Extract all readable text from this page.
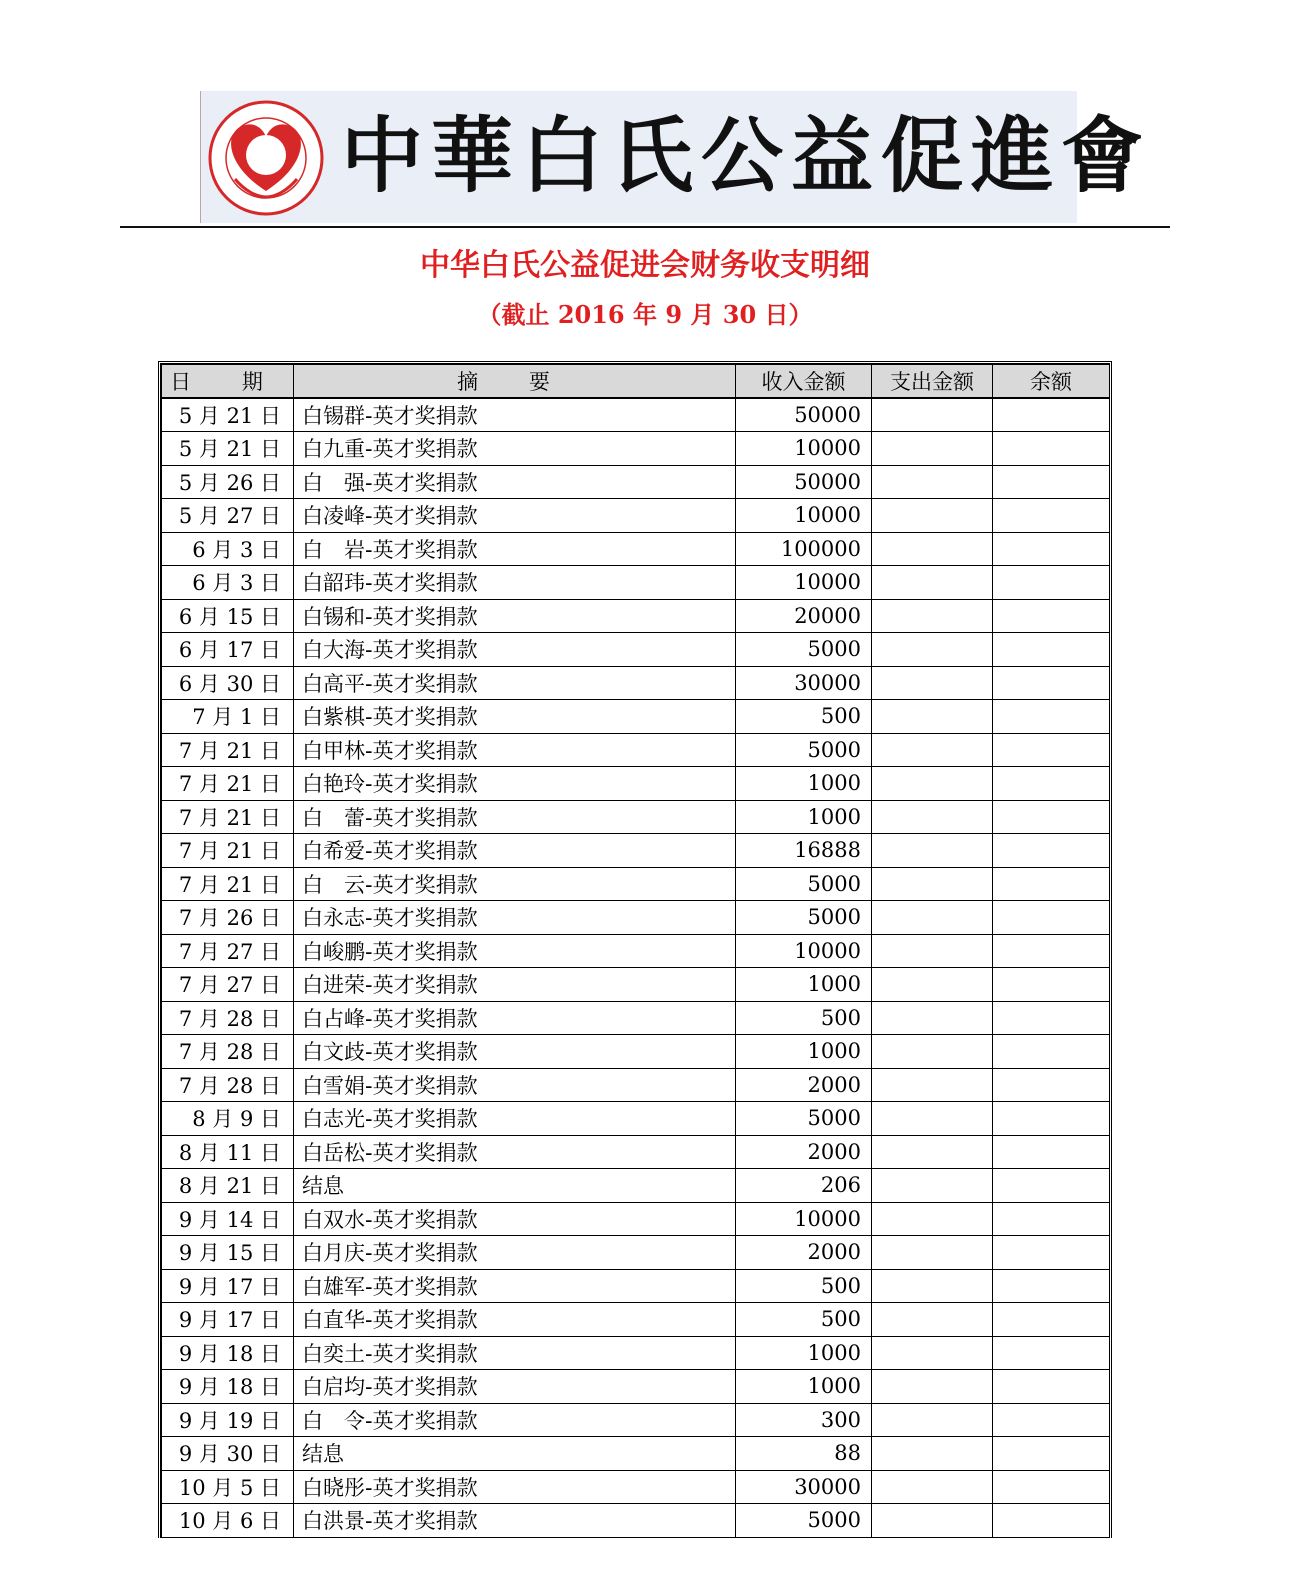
中華白氏公益促進會
中华白氏公益促进会财务收支明细
（截止 2016 年 9 月 30 日）
日 期	摘 要	收入金额	支出金额	余额
5 月 21 日	白锡群-英才奖捐款	50000		
5 月 21 日	白九重-英才奖捐款	10000		
5 月 26 日	白　强-英才奖捐款	50000		
5 月 27 日	白凌峰-英才奖捐款	10000		
6 月 3 日	白　岩-英才奖捐款	100000		
6 月 3 日	白韶玮-英才奖捐款	10000		
6 月 15 日	白锡和-英才奖捐款	20000		
6 月 17 日	白大海-英才奖捐款	5000		
6 月 30 日	白高平-英才奖捐款	30000		
7 月 1 日	白紫棋-英才奖捐款	500		
7 月 21 日	白甲林-英才奖捐款	5000		
7 月 21 日	白艳玲-英才奖捐款	1000		
7 月 21 日	白　蕾-英才奖捐款	1000		
7 月 21 日	白希爱-英才奖捐款	16888		
7 月 21 日	白　云-英才奖捐款	5000		
7 月 26 日	白永志-英才奖捐款	5000		
7 月 27 日	白峻鹏-英才奖捐款	10000		
7 月 27 日	白进荣-英才奖捐款	1000		
7 月 28 日	白占峰-英才奖捐款	500		
7 月 28 日	白文歧-英才奖捐款	1000		
7 月 28 日	白雪娟-英才奖捐款	2000		
8 月 9 日	白志光-英才奖捐款	5000		
8 月 11 日	白岳松-英才奖捐款	2000		
8 月 21 日	结息	206		
9 月 14 日	白双水-英才奖捐款	10000		
9 月 15 日	白月庆-英才奖捐款	2000		
9 月 17 日	白雄军-英才奖捐款	500		
9 月 17 日	白直华-英才奖捐款	500		
9 月 18 日	白奕土-英才奖捐款	1000		
9 月 18 日	白启均-英才奖捐款	1000		
9 月 19 日	白　令-英才奖捐款	300		
9 月 30 日	结息	88		
10 月 5 日	白晓彤-英才奖捐款	30000		
10 月 6 日	白洪景-英才奖捐款	5000		
